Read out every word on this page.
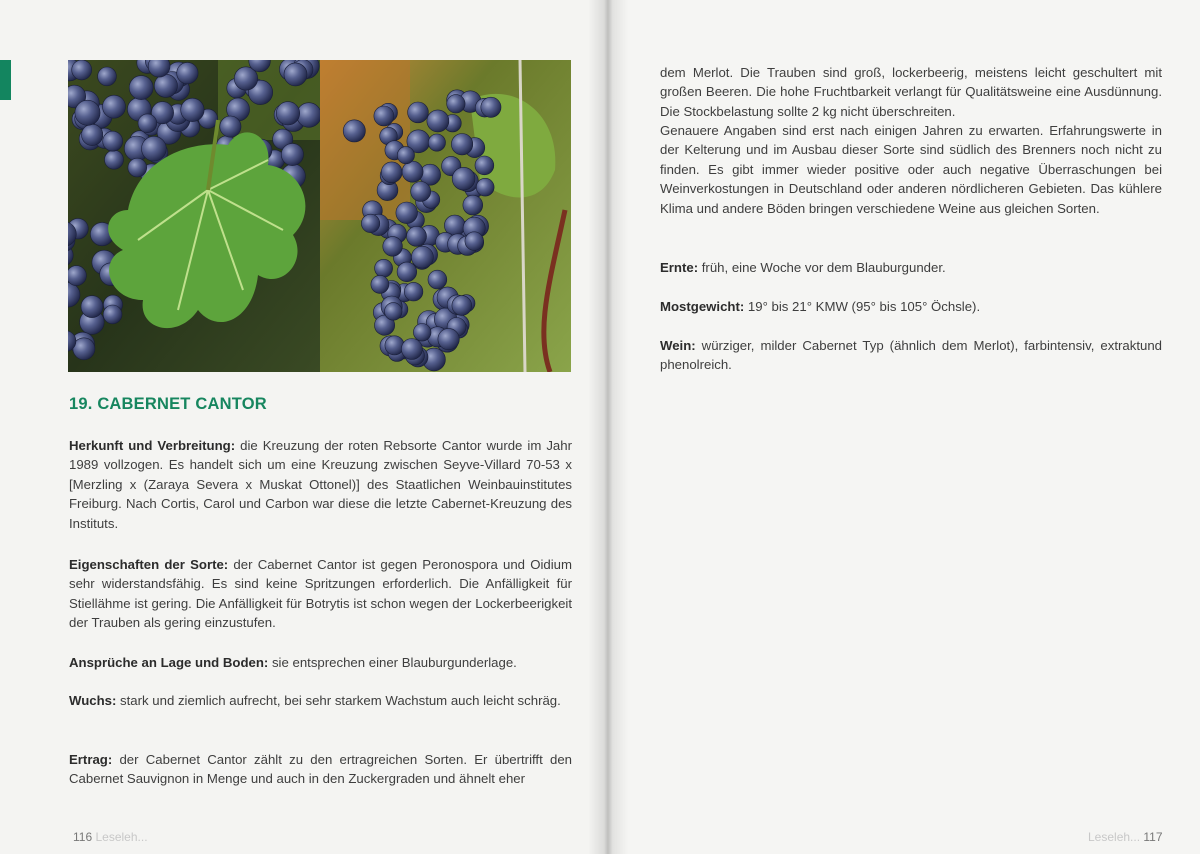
19. CABERNET CANTOR

Herkunft und Verbreitung: die Kreuzung der roten Rebsorte Cantor wurde im Jahr 1989 vollzogen. Es handelt sich um eine Kreuzung zwischen Seyve-Villard 70-53 x [Merzling x (Zaraya Severa x Muskat Ottonel)] des Staatlichen Weinbauinstitutes Freiburg. Nach Cortis, Carol und Carbon war diese die letzte Cabernet-Kreuzung des Instituts.

Eigenschaften der Sorte: der Cabernet Cantor ist gegen Peronospora und Oidium sehr widerstandsfähig. Es sind keine Spritzungen erforderlich. Die Anfälligkeit für Stiellähme ist gering. Die Anfälligkeit für Botrytis ist schon wegen der Lockerbeerigkeit der Trauben als gering einzustufen.

Ansprüche an Lage und Boden: sie entsprechen einer Blauburgunderlage.

Wuchs: stark und ziemlich aufrecht, bei sehr starkem Wachstum auch leicht schräg.

Ertrag: der Cabernet Cantor zählt zu den ertragreichen Sorten. Er übertrifft den Cabernet Sauvignon in Menge und auch in den Zuckergraden und ähnelt eher

116 Leseleh...

dem Merlot. Die Trauben sind groß, lockerbeerig, meistens leicht geschultert mit großen Beeren. Die hohe Fruchtbarkeit verlangt für Qualitätsweine eine Ausdünnung. Die Stockbelastung sollte 2 kg nicht überschreiten.

Genauere Angaben sind erst nach einigen Jahren zu erwarten. Erfahrungswerte in der Kelterung und im Ausbau dieser Sorte sind südlich des Brenners noch nicht zu finden. Es gibt immer wieder positive oder auch negative Überraschungen bei Weinverkostungen in Deutschland oder anderen nördlicheren Gebieten. Das kühlere Klima und andere Böden bringen verschiedene Weine aus gleichen Sorten.

Ernte: früh, eine Woche vor dem Blauburgunder.

Mostgewicht: 19° bis 21° KMW (95° bis 105° Öchsle).

Wein: würziger, milder Cabernet Typ (ähnlich dem Merlot), farbintensiv, extraktund phenolreich.

Leseleh... 117
